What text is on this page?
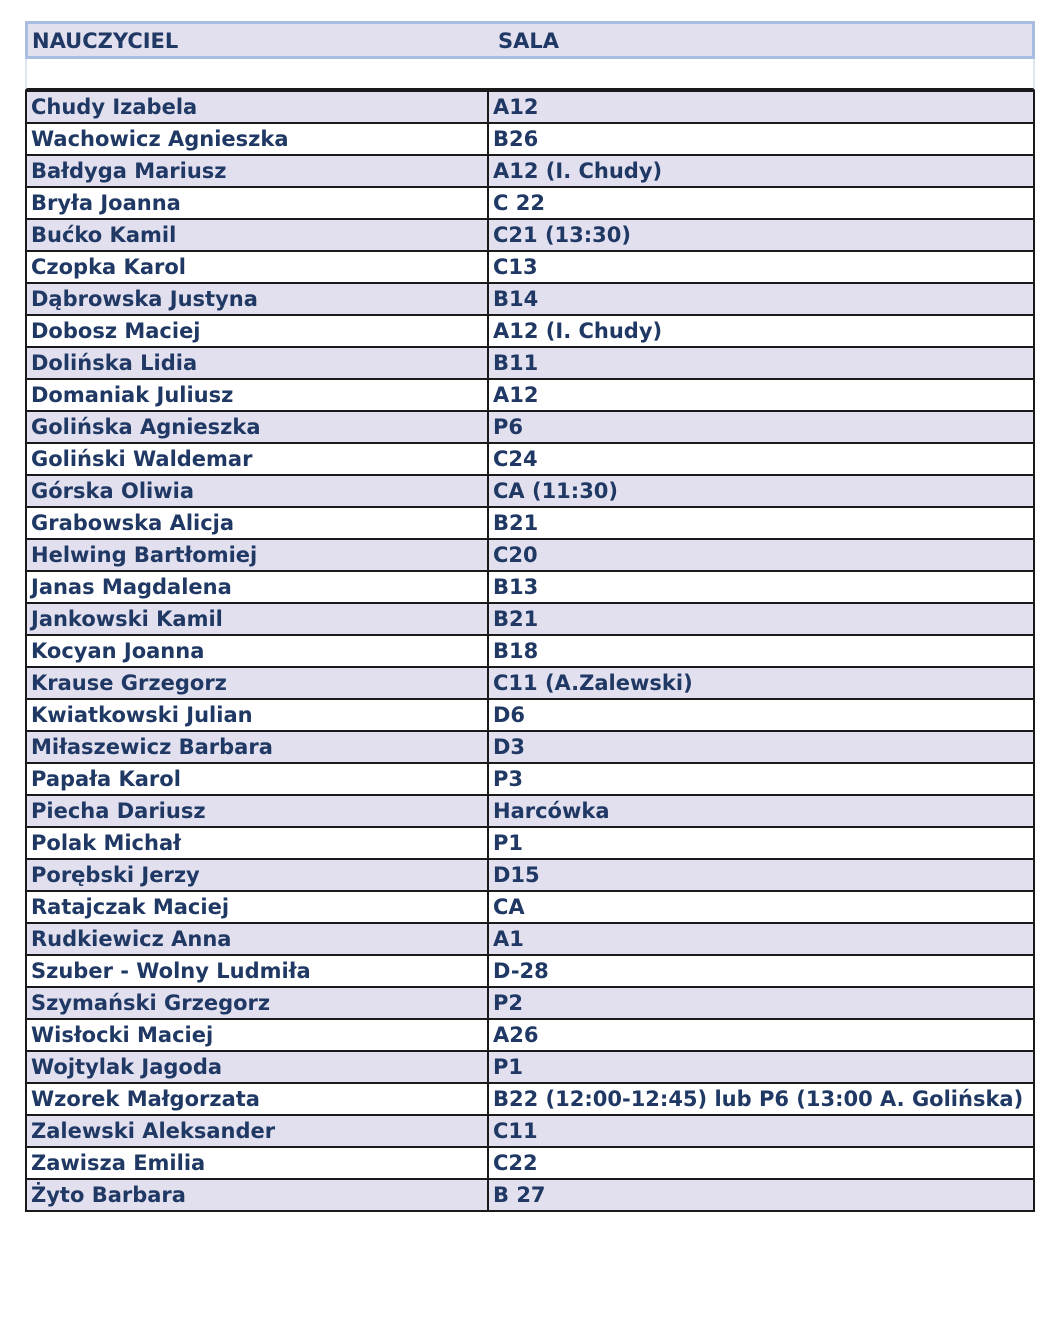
NAUCZYCIEL	SALA
Chudy Izabela	A12
Wachowicz Agnieszka	B26
Bałdyga Mariusz	A12 (I. Chudy)
Bryła Joanna	C 22
Bućko Kamil	C21 (13:30)
Czopka Karol	C13
Dąbrowska Justyna	B14
Dobosz Maciej	A12 (I. Chudy)
Dolińska Lidia	B11
Domaniak Juliusz	A12
Golińska Agnieszka	P6
Goliński Waldemar	C24
Górska Oliwia	CA (11:30)
Grabowska Alicja	B21
Helwing Bartłomiej	C20
Janas Magdalena	B13
Jankowski Kamil	B21
Kocyan Joanna	B18
Krause Grzegorz	C11 (A.Zalewski)
Kwiatkowski Julian	D6
Miłaszewicz Barbara	D3
Papała Karol	P3
Piecha Dariusz	Harcówka
Polak Michał	P1
Porębski Jerzy	D15
Ratajczak Maciej	CA
Rudkiewicz Anna	A1
Szuber - Wolny Ludmiła	D-28
Szymański Grzegorz	P2
Wisłocki Maciej	A26
Wojtylak Jagoda	P1
Wzorek Małgorzata	B22 (12:00-12:45) lub P6 (13:00 A. Golińska)
Zalewski Aleksander	C11
Zawisza Emilia	C22
Żyto Barbara	B 27
